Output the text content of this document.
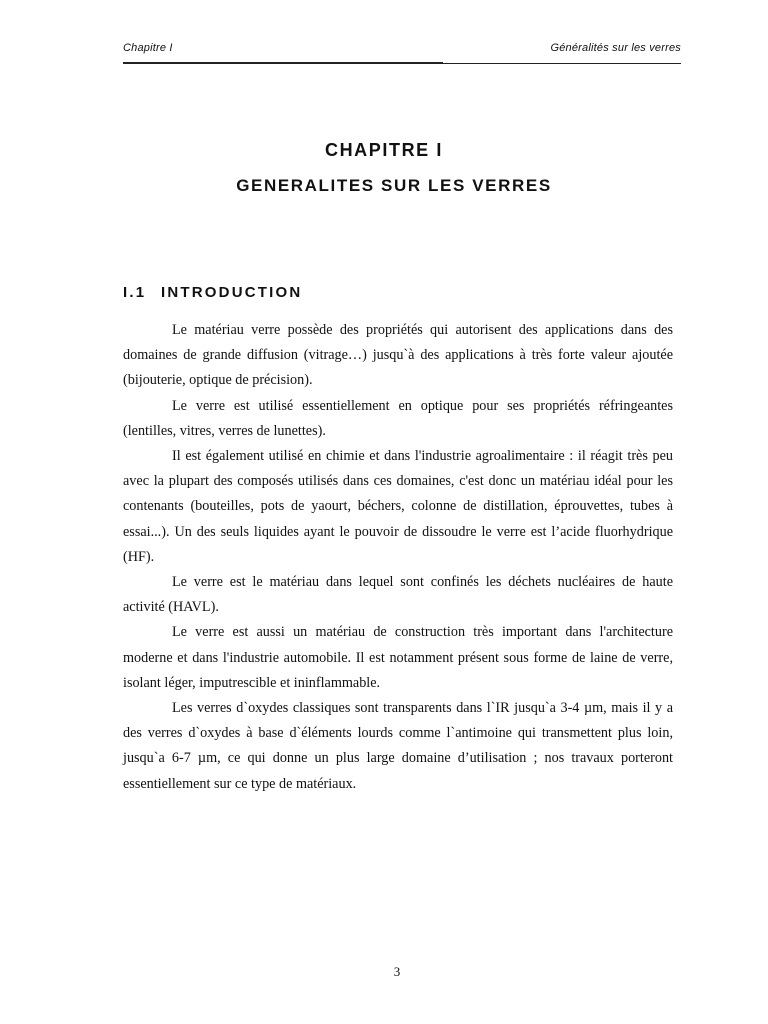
Chapitre I	Généralités sur les verres
CHAPITRE I
GENERALITES SUR LES VERRES
I.1 INTRODUCTION

Le matériau verre possède des propriétés qui autorisent des applications dans des domaines de grande diffusion (vitrage…) jusqu`à des applications à très forte valeur ajoutée (bijouterie, optique de précision).

Le verre est utilisé essentiellement en optique pour ses propriétés réfringeantes (lentilles, vitres, verres de lunettes).

Il est également utilisé en chimie et dans l'industrie agroalimentaire : il réagit très peu avec la plupart des composés utilisés dans ces domaines, c'est donc un matériau idéal pour les contenants (bouteilles, pots de yaourt, béchers, colonne de distillation, éprouvettes, tubes à essai...). Un des seuls liquides ayant le pouvoir de dissoudre le verre est l’acide fluorhydrique (HF).

Le verre est le matériau dans lequel sont confinés les déchets nucléaires de haute activité (HAVL).

Le verre est aussi un matériau de construction très important dans l'architecture moderne et dans l'industrie automobile. Il est notamment présent sous forme de laine de verre, isolant léger, imputrescible et ininflammable.

Les verres d`oxydes classiques sont transparents dans l`IR jusqu`a 3-4 µm, mais il y a des verres d`oxydes à base d`éléments lourds comme l`antimoine qui transmettent plus loin, jusqu`a 6-7 µm, ce qui donne un plus large domaine d’utilisation ; nos travaux porteront essentiellement sur ce type de matériaux.

3
